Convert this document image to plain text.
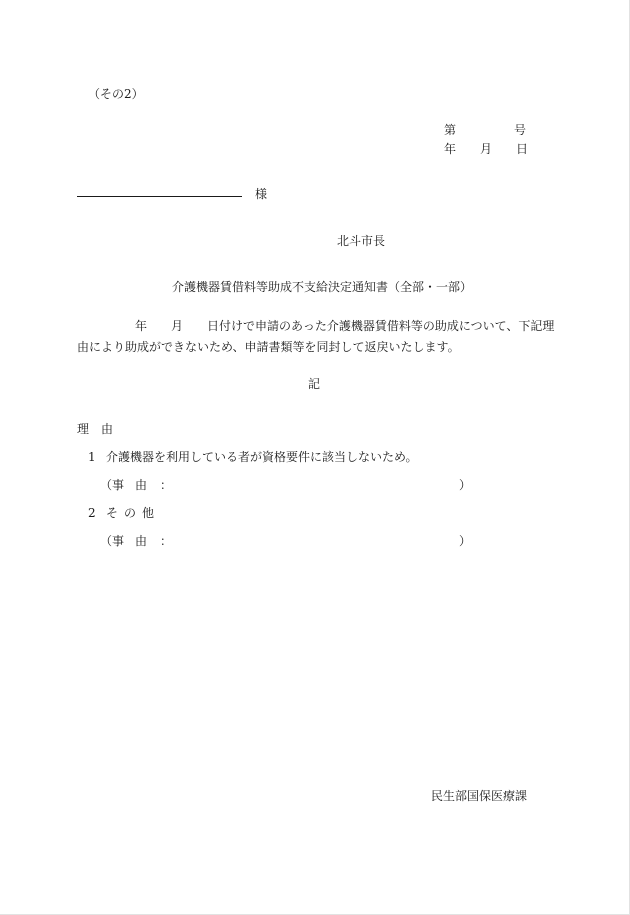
（その2）
第	号
年 月 日
様
北斗市長
介護機器賃借料等助成不支給決定通知書（全部・一部）
年 月 日付けで申請のあった介護機器賃借料等の助成について、下記理由により助成ができないため、申請書類等を同封して返戻いたします。
記
理由
1 介護機器を利用している者が資格要件に該当しないため。
（事由 ：	）
2 その他
（事由 ：	）
民生部国保医療課
